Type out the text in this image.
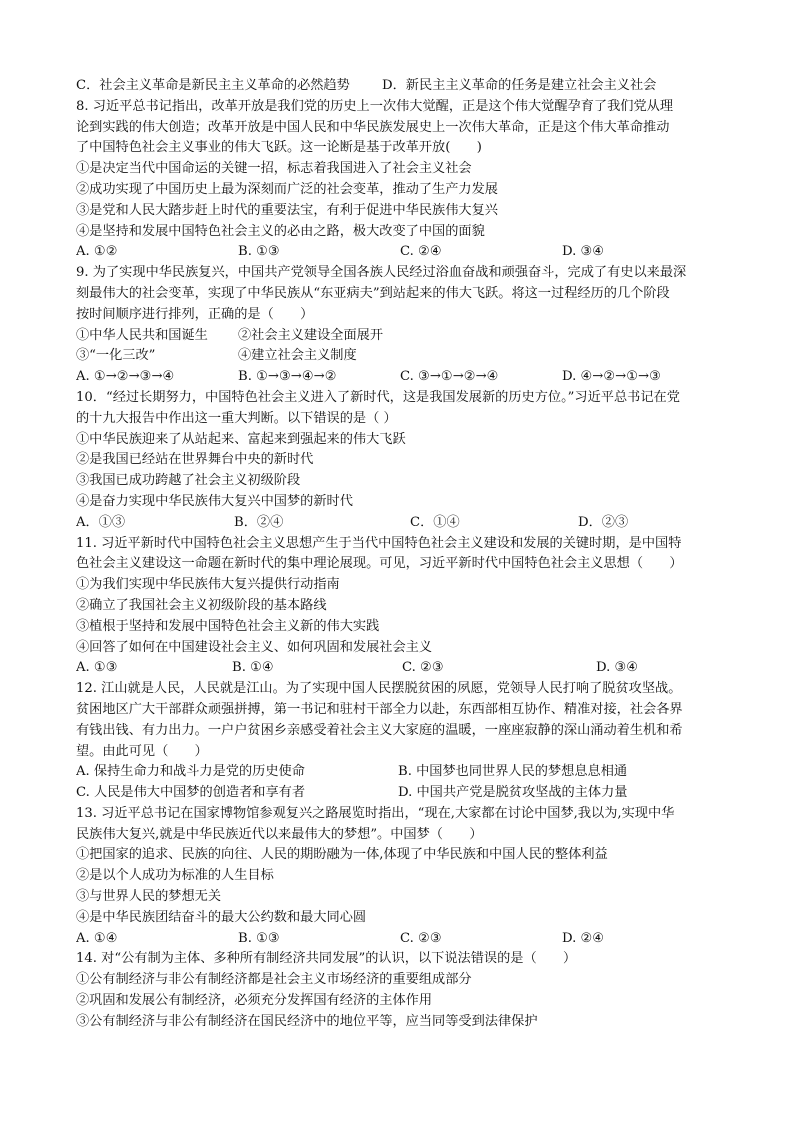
C．社会主义革命是新民主主义革命的必然趋势	D．新民主主义革命的任务是建立社会主义社会
8. 习近平总书记指出，改革开放是我们党的历史上一次伟大觉醒，正是这个伟大觉醒孕育了我们党从理
论到实践的伟大创造；改革开放是中国人民和中华民族发展史上一次伟大革命，正是这个伟大革命推动
了中国特色社会主义事业的伟大飞跃。这一论断是基于改革开放(　　)
①是决定当代中国命运的关键一招，标志着我国进入了社会主义社会
②成功实现了中国历史上最为深刻而广泛的社会变革，推动了生产力发展
③是党和人民大踏步赶上时代的重要法宝，有利于促进中华民族伟大复兴
④是坚持和发展中国特色社会主义的必由之路，极大改变了中国的面貌
A. ①②	B. ①③	C. ②④	D. ③④
9. 为了实现中华民族复兴，中国共产党领导全国各族人民经过浴血奋战和顽强奋斗，完成了有史以来最深
刻最伟大的社会变革，实现了中华民族从“东亚病夫”到站起来的伟大飞跃。将这一过程经历的几个阶段
按时间顺序进行排列，正确的是（　　）
①中华人民共和国诞生	②社会主义建设全面展开
③“一化三改”	④建立社会主义制度
A. ①→②→③→④	B. ①→③→④→②	C. ③→①→②→④	D. ④→②→①→③
10．“经过长期努力，中国特色社会主义进入了新时代，这是我国发展新的历史方位。”习近平总书记在党
的十九大报告中作出这一重大判断。以下错误的是（ ）
①中华民族迎来了从站起来、富起来到强起来的伟大飞跃
②是我国已经站在世界舞台中央的新时代
③我国已成功跨越了社会主义初级阶段
④是奋力实现中华民族伟大复兴中国梦的新时代
A．①③	B．②④	C．①④	D．②③
11. 习近平新时代中国特色社会主义思想产生于当代中国特色社会主义建设和发展的关键时期，是中国特
色社会主义建设这一命题在新时代的集中理论展现。可见，习近平新时代中国特色社会主义思想（　　）
①为我们实现中华民族伟大复兴提供行动指南
②确立了我国社会主义初级阶段的基本路线
③植根于坚持和发展中国特色社会主义新的伟大实践
④回答了如何在中国建设社会主义、如何巩固和发展社会主义
A. ①③	B. ①④	C. ②③	D. ③④
12. 江山就是人民，人民就是江山。为了实现中国人民摆脱贫困的夙愿，党领导人民打响了脱贫攻坚战。
贫困地区广大干部群众顽强拼搏，第一书记和驻村干部全力以赴，东西部相互协作、精准对接，社会各界
有钱出钱、有力出力。一户户贫困乡亲感受着社会主义大家庭的温暖，一座座寂静的深山涌动着生机和希
望。由此可见（　　）
A. 保持生命力和战斗力是党的历史使命	B. 中国梦也同世界人民的梦想息息相通
C. 人民是伟大中国梦的创造者和享有者	D. 中国共产党是脱贫攻坚战的主体力量
13. 习近平总书记在国家博物馆参观复兴之路展览时指出，“现在,大家都在讨论中国梦,我以为,实现中华
民族伟大复兴,就是中华民族近代以来最伟大的梦想”。中国梦（　　）
①把国家的追求、民族的向往、人民的期盼融为一体,体现了中华民族和中国人民的整体利益
②是以个人成功为标准的人生目标
③与世界人民的梦想无关
④是中华民族团结奋斗的最大公约数和最大同心圆
A. ①④	B. ①③	C. ②③	D. ②④
14. 对“公有制为主体、多种所有制经济共同发展”的认识，以下说法错误的是（　　）
①公有制经济与非公有制经济都是社会主义市场经济的重要组成部分
②巩固和发展公有制经济，必须充分发挥国有经济的主体作用
③公有制经济与非公有制经济在国民经济中的地位平等，应当同等受到法律保护
